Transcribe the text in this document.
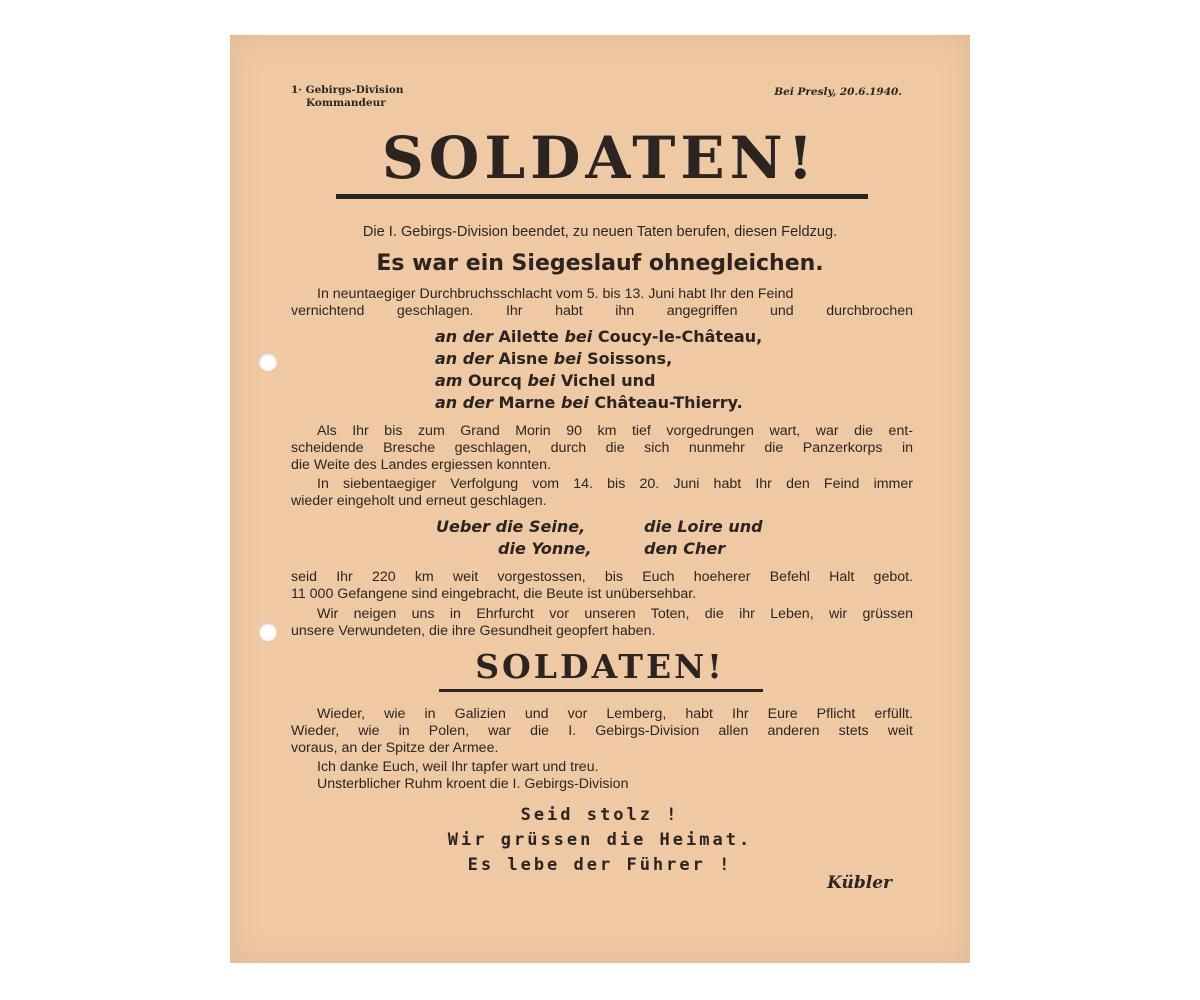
1· Gebirgs-Division
Kommandeur
Bei Presly, 20.6.1940.
SOLDATEN!
Die I. Gebirgs-Division beendet, zu neuen Taten berufen, diesen Feldzug.
Es war ein Siegeslauf ohnegleichen.
In neuntaegiger Durchbruchsschlacht vom 5. bis 13. Juni habt Ihr den Feind
vernichtend geschlagen. Ihr habt ihn angegriffen und durchbrochen
an der Ailette bei Coucy-le-Château,
an der Aisne bei Soissons,
am Ourcq bei Vichel und
an der Marne bei Château-Thierry.
Als Ihr bis zum Grand Morin 90 km tief vorgedrungen wart, war die ent-
scheidende Bresche geschlagen, durch die sich nunmehr die Panzerkorps in
die Weite des Landes ergiessen konnten.
In siebentaegiger Verfolgung vom 14. bis 20. Juni habt Ihr den Feind immer
wieder eingeholt und erneut geschlagen.
Ueber die Seine,
die Yonne,
die Loire und
den Cher
seid Ihr 220 km weit vorgestossen, bis Euch hoeherer Befehl Halt gebot.
11 000 Gefangene sind eingebracht, die Beute ist unübersehbar.
Wir neigen uns in Ehrfurcht vor unseren Toten, die ihr Leben, wir grüssen
unsere Verwundeten, die ihre Gesundheit geopfert haben.
SOLDATEN!
Wieder, wie in Galizien und vor Lemberg, habt Ihr Eure Pflicht erfüllt.
Wieder, wie in Polen, war die I. Gebirgs-Division allen anderen stets weit
voraus, an der Spitze der Armee.
Ich danke Euch, weil Ihr tapfer wart und treu.
Unsterblicher Ruhm kroent die I. Gebirgs-Division
Seid stolz !
Wir grüssen die Heimat.
Es lebe der Führer !
Kübler
